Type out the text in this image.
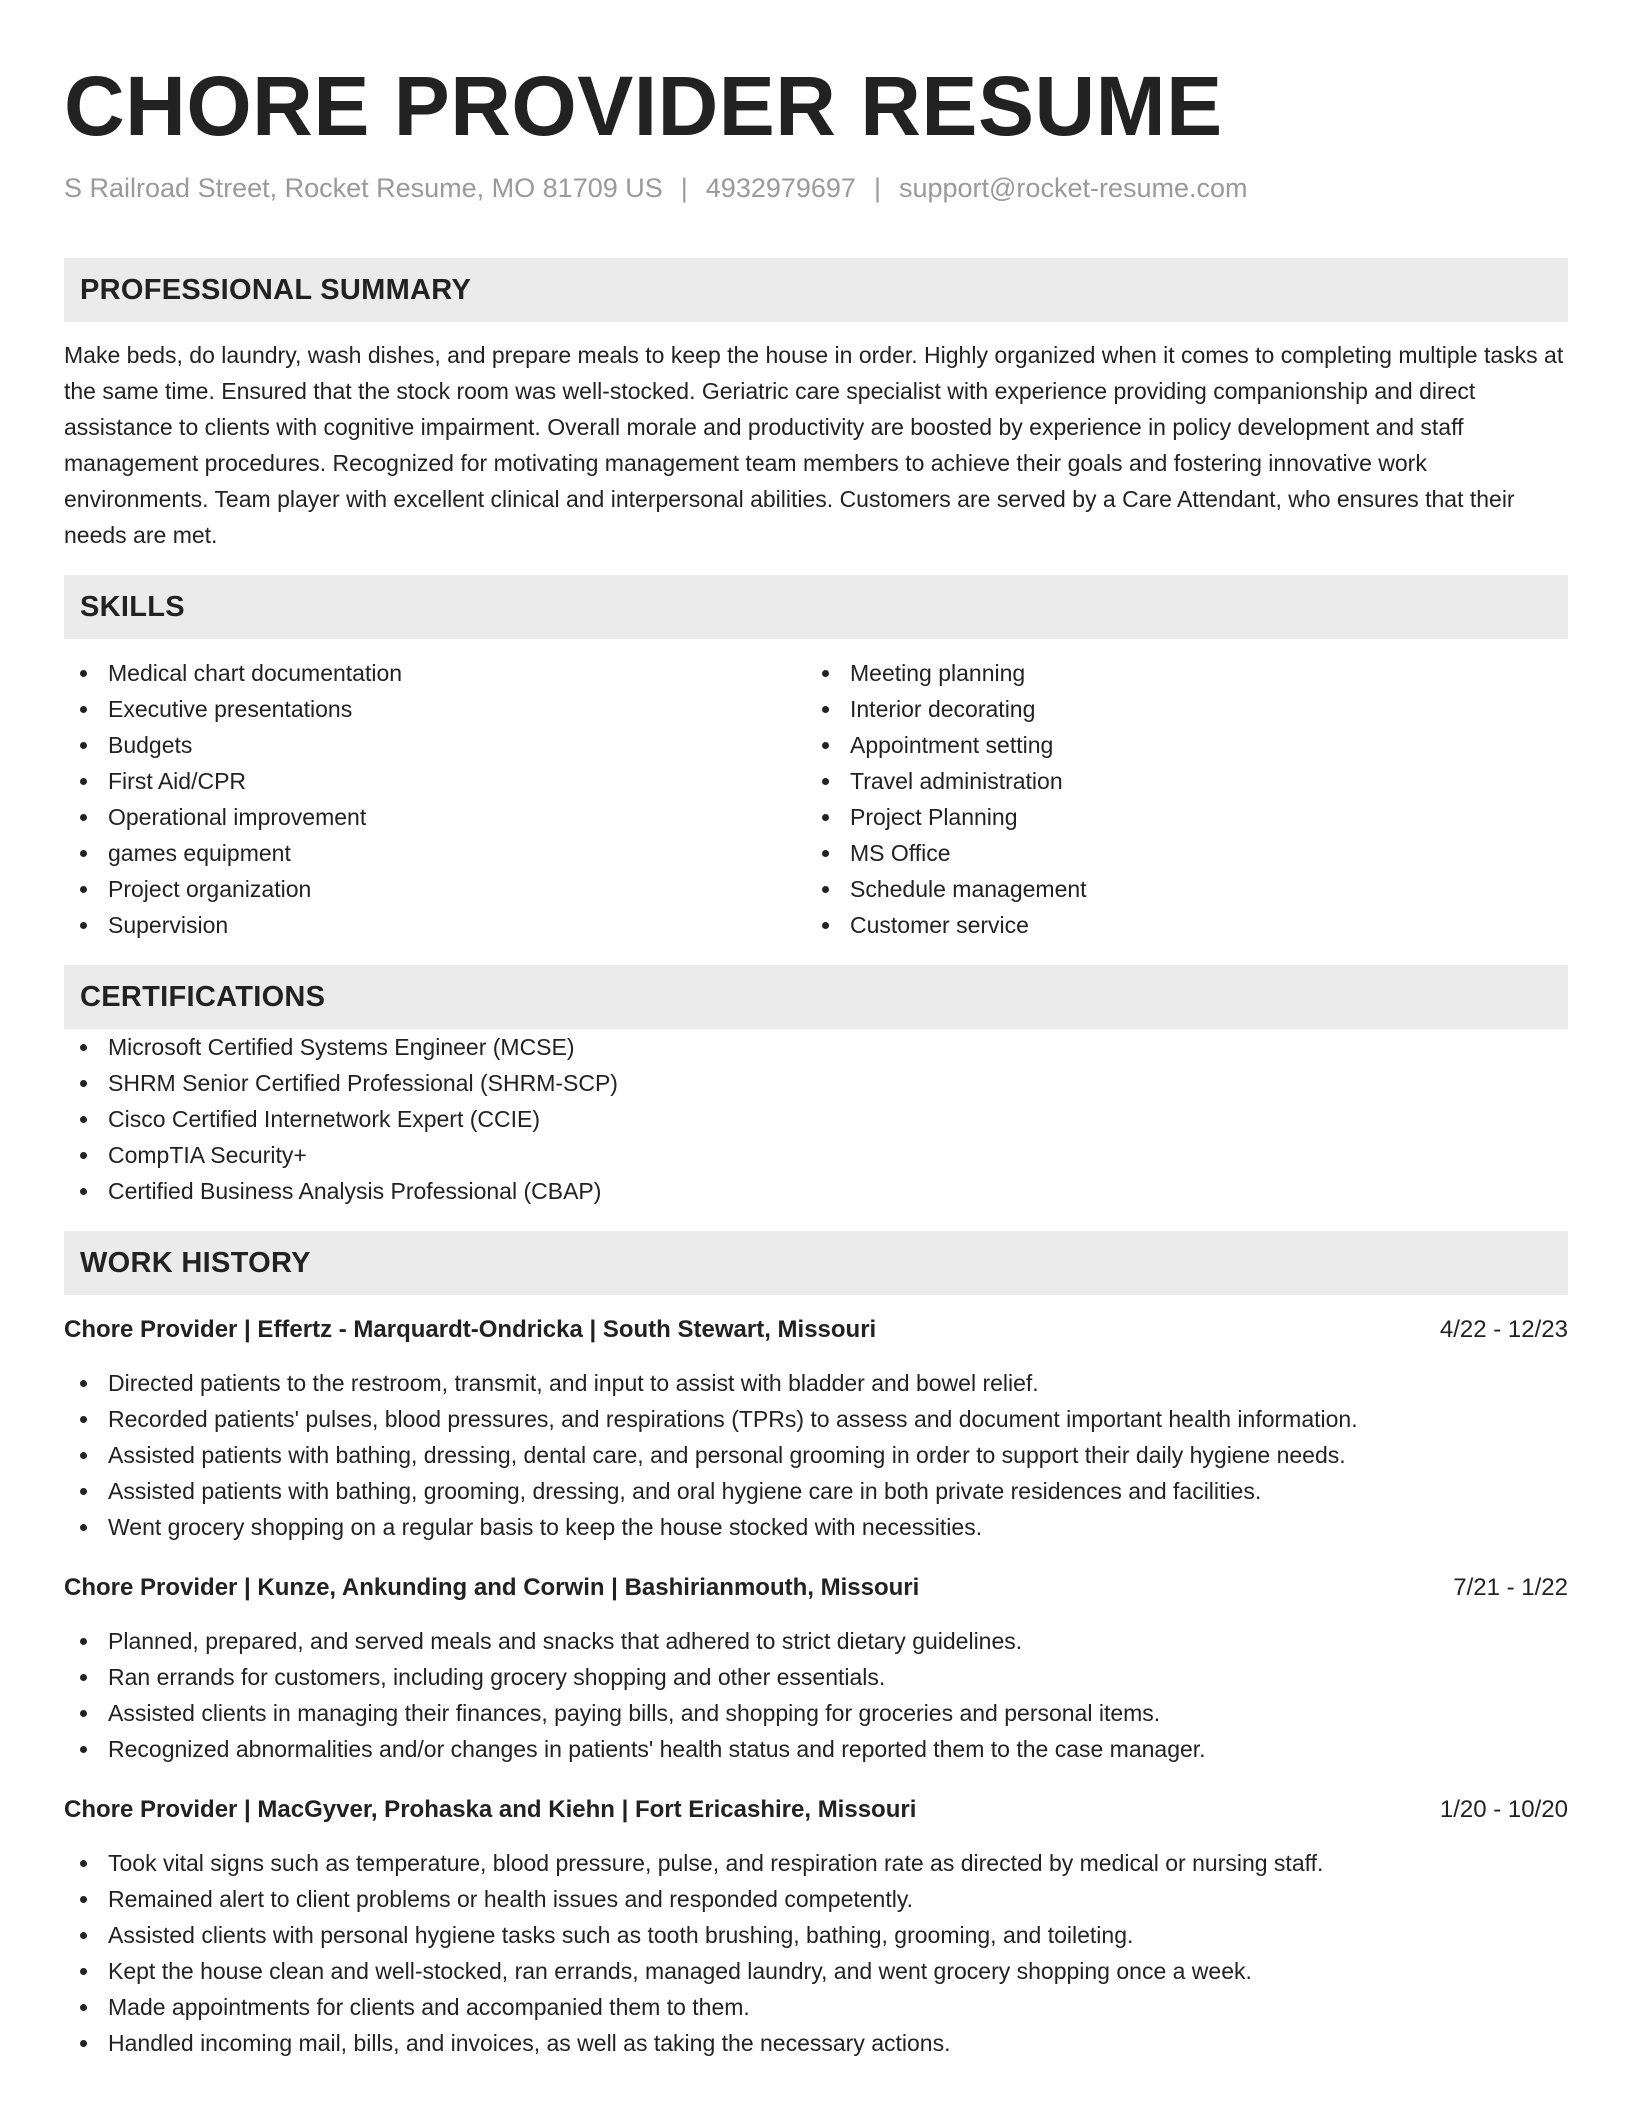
CHORE PROVIDER RESUME
S Railroad Street, Rocket Resume, MO 81709 US | 4932979697 | support@rocket-resume.com
PROFESSIONAL SUMMARY

Make beds, do laundry, wash dishes, and prepare meals to keep the house in order. Highly organized when it comes to completing multiple tasks at the same time. Ensured that the stock room was well-stocked. Geriatric care specialist with experience providing companionship and direct assistance to clients with cognitive impairment. Overall morale and productivity are boosted by experience in policy development and staff management procedures. Recognized for motivating management team members to achieve their goals and fostering innovative work environments. Team player with excellent clinical and interpersonal abilities. Customers are served by a Care Attendant, who ensures that their needs are met.

SKILLS
Medical chart documentation
Executive presentations
Budgets
First Aid/CPR
Operational improvement
games equipment
Project organization
Supervision
Meeting planning
Interior decorating
Appointment setting
Travel administration
Project Planning
MS Office
Schedule management
Customer service
CERTIFICATIONS
Microsoft Certified Systems Engineer (MCSE)
SHRM Senior Certified Professional (SHRM-SCP)
Cisco Certified Internetwork Expert (CCIE)
CompTIA Security+
Certified Business Analysis Professional (CBAP)
WORK HISTORY
Chore Provider | Effertz - Marquardt-Ondricka | South Stewart, Missouri	4/22 - 12/23
Directed patients to the restroom, transmit, and input to assist with bladder and bowel relief.
Recorded patients' pulses, blood pressures, and respirations (TPRs) to assess and document important health information.
Assisted patients with bathing, dressing, dental care, and personal grooming in order to support their daily hygiene needs.
Assisted patients with bathing, grooming, dressing, and oral hygiene care in both private residences and facilities.
Went grocery shopping on a regular basis to keep the house stocked with necessities.
Chore Provider | Kunze, Ankunding and Corwin | Bashirianmouth, Missouri	7/21 - 1/22
Planned, prepared, and served meals and snacks that adhered to strict dietary guidelines.
Ran errands for customers, including grocery shopping and other essentials.
Assisted clients in managing their finances, paying bills, and shopping for groceries and personal items.
Recognized abnormalities and/or changes in patients' health status and reported them to the case manager.
Chore Provider | MacGyver, Prohaska and Kiehn | Fort Ericashire, Missouri	1/20 - 10/20
Took vital signs such as temperature, blood pressure, pulse, and respiration rate as directed by medical or nursing staff.
Remained alert to client problems or health issues and responded competently.
Assisted clients with personal hygiene tasks such as tooth brushing, bathing, grooming, and toileting.
Kept the house clean and well-stocked, ran errands, managed laundry, and went grocery shopping once a week.
Made appointments for clients and accompanied them to them.
Handled incoming mail, bills, and invoices, as well as taking the necessary actions.
